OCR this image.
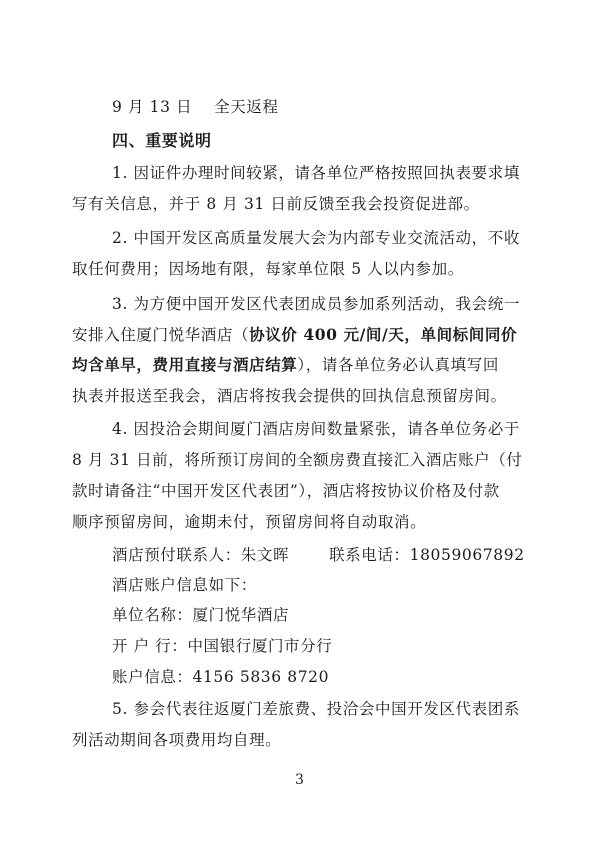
9 月 13 日 全天返程
四、重要说明
1. 因证件办理时间较紧，请各单位严格按照回执表要求填
写有关信息，并于 8 月 31 日前反馈至我会投资促进部。
2. 中国开发区高质量发展大会为内部专业交流活动，不收
取任何费用；因场地有限，每家单位限 5 人以内参加。
3. 为方便中国开发区代表团成员参加系列活动，我会统一
安排入住厦门悦华酒店（协议价 400 元/间/天，单间标间同价
均含单早，费用直接与酒店结算），请各单位务必认真填写回
执表并报送至我会，酒店将按我会提供的回执信息预留房间。
4. 因投洽会期间厦门酒店房间数量紧张，请各单位务必于
8 月 31 日前，将所预订房间的全额房费直接汇入酒店账户（付
款时请备注“中国开发区代表团”），酒店将按协议价格及付款
顺序预留房间，逾期未付，预留房间将自动取消。
酒店预付联系人：朱文晖	联系电话：18059067892
酒店账户信息如下：
单位名称：厦门悦华酒店
开 户 行：中国银行厦门市分行
账户信息：4156 5836 8720
5. 参会代表往返厦门差旅费、投洽会中国开发区代表团系
列活动期间各项费用均自理。
3
